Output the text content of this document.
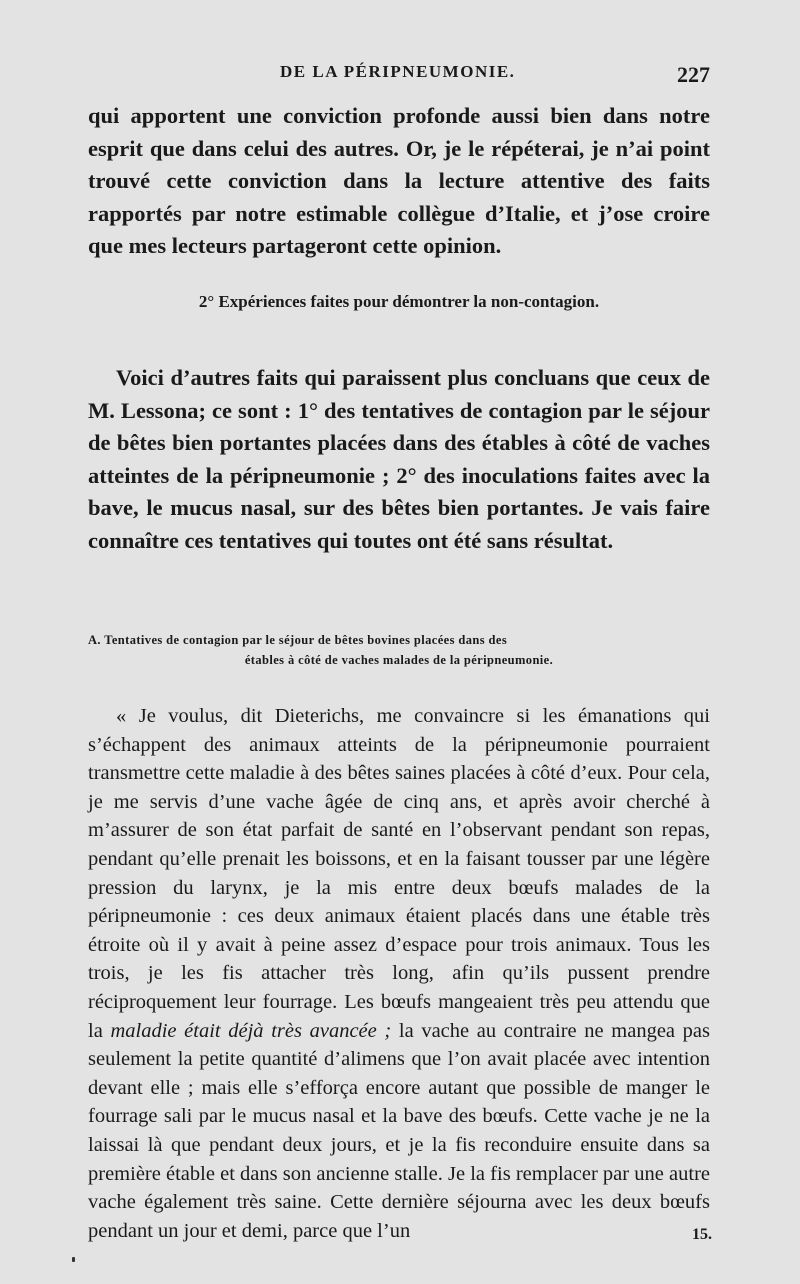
DE LA PÉRIPNEUMONIE.	227

qui apportent une conviction profonde aussi bien dans notre esprit que dans celui des autres. Or, je le répéterai, je n’ai point trouvé cette conviction dans la lecture attentive des faits rapportés par notre estimable collègue d’Italie, et j’ose croire que mes lecteurs partageront cette opinion.

2° Expériences faites pour démontrer la non-contagion.

Voici d’autres faits qui paraissent plus concluans que ceux de M. Lessona; ce sont : 1° des tentatives de contagion par le séjour de bêtes bien portantes placées dans des étables à côté de vaches atteintes de la péripneumonie ; 2° des inoculations faites avec la bave, le mucus nasal, sur des bêtes bien portantes. Je vais faire connaître ces tentatives qui toutes ont été sans résultat.

A. Tentatives de contagion par le séjour de bêtes bovines placées dans des
étables à côté de vaches malades de la péripneumonie.

« Je voulus, dit Dieterichs, me convaincre si les émanations qui s’échappent des animaux atteints de la péripneumonie pourraient transmettre cette maladie à des bêtes saines placées à côté d’eux. Pour cela, je me servis d’une vache âgée de cinq ans, et après avoir cherché à m’assurer de son état parfait de santé en l’observant pendant son repas, pendant qu’elle prenait les boissons, et en la faisant tousser par une légère pression du larynx, je la mis entre deux bœufs malades de la péripneumonie : ces deux animaux étaient placés dans une étable très étroite où il y avait à peine assez d’espace pour trois animaux. Tous les trois, je les fis attacher très long, afin qu’ils pussent prendre réciproquement leur fourrage. Les bœufs mangeaient très peu attendu que la maladie était déjà très avancée ; la vache au contraire ne mangea pas seulement la petite quantité d’alimens que l’on avait placée avec intention devant elle ; mais elle s’efforça encore autant que possible de manger le fourrage sali par le mucus nasal et la bave des bœufs. Cette vache je ne la laissai là que pendant deux jours, et je la fis reconduire ensuite dans sa première étable et dans son ancienne stalle. Je la fis remplacer par une autre vache également très saine. Cette dernière séjourna avec les deux bœufs pendant un jour et demi, parce que l’un	15.
